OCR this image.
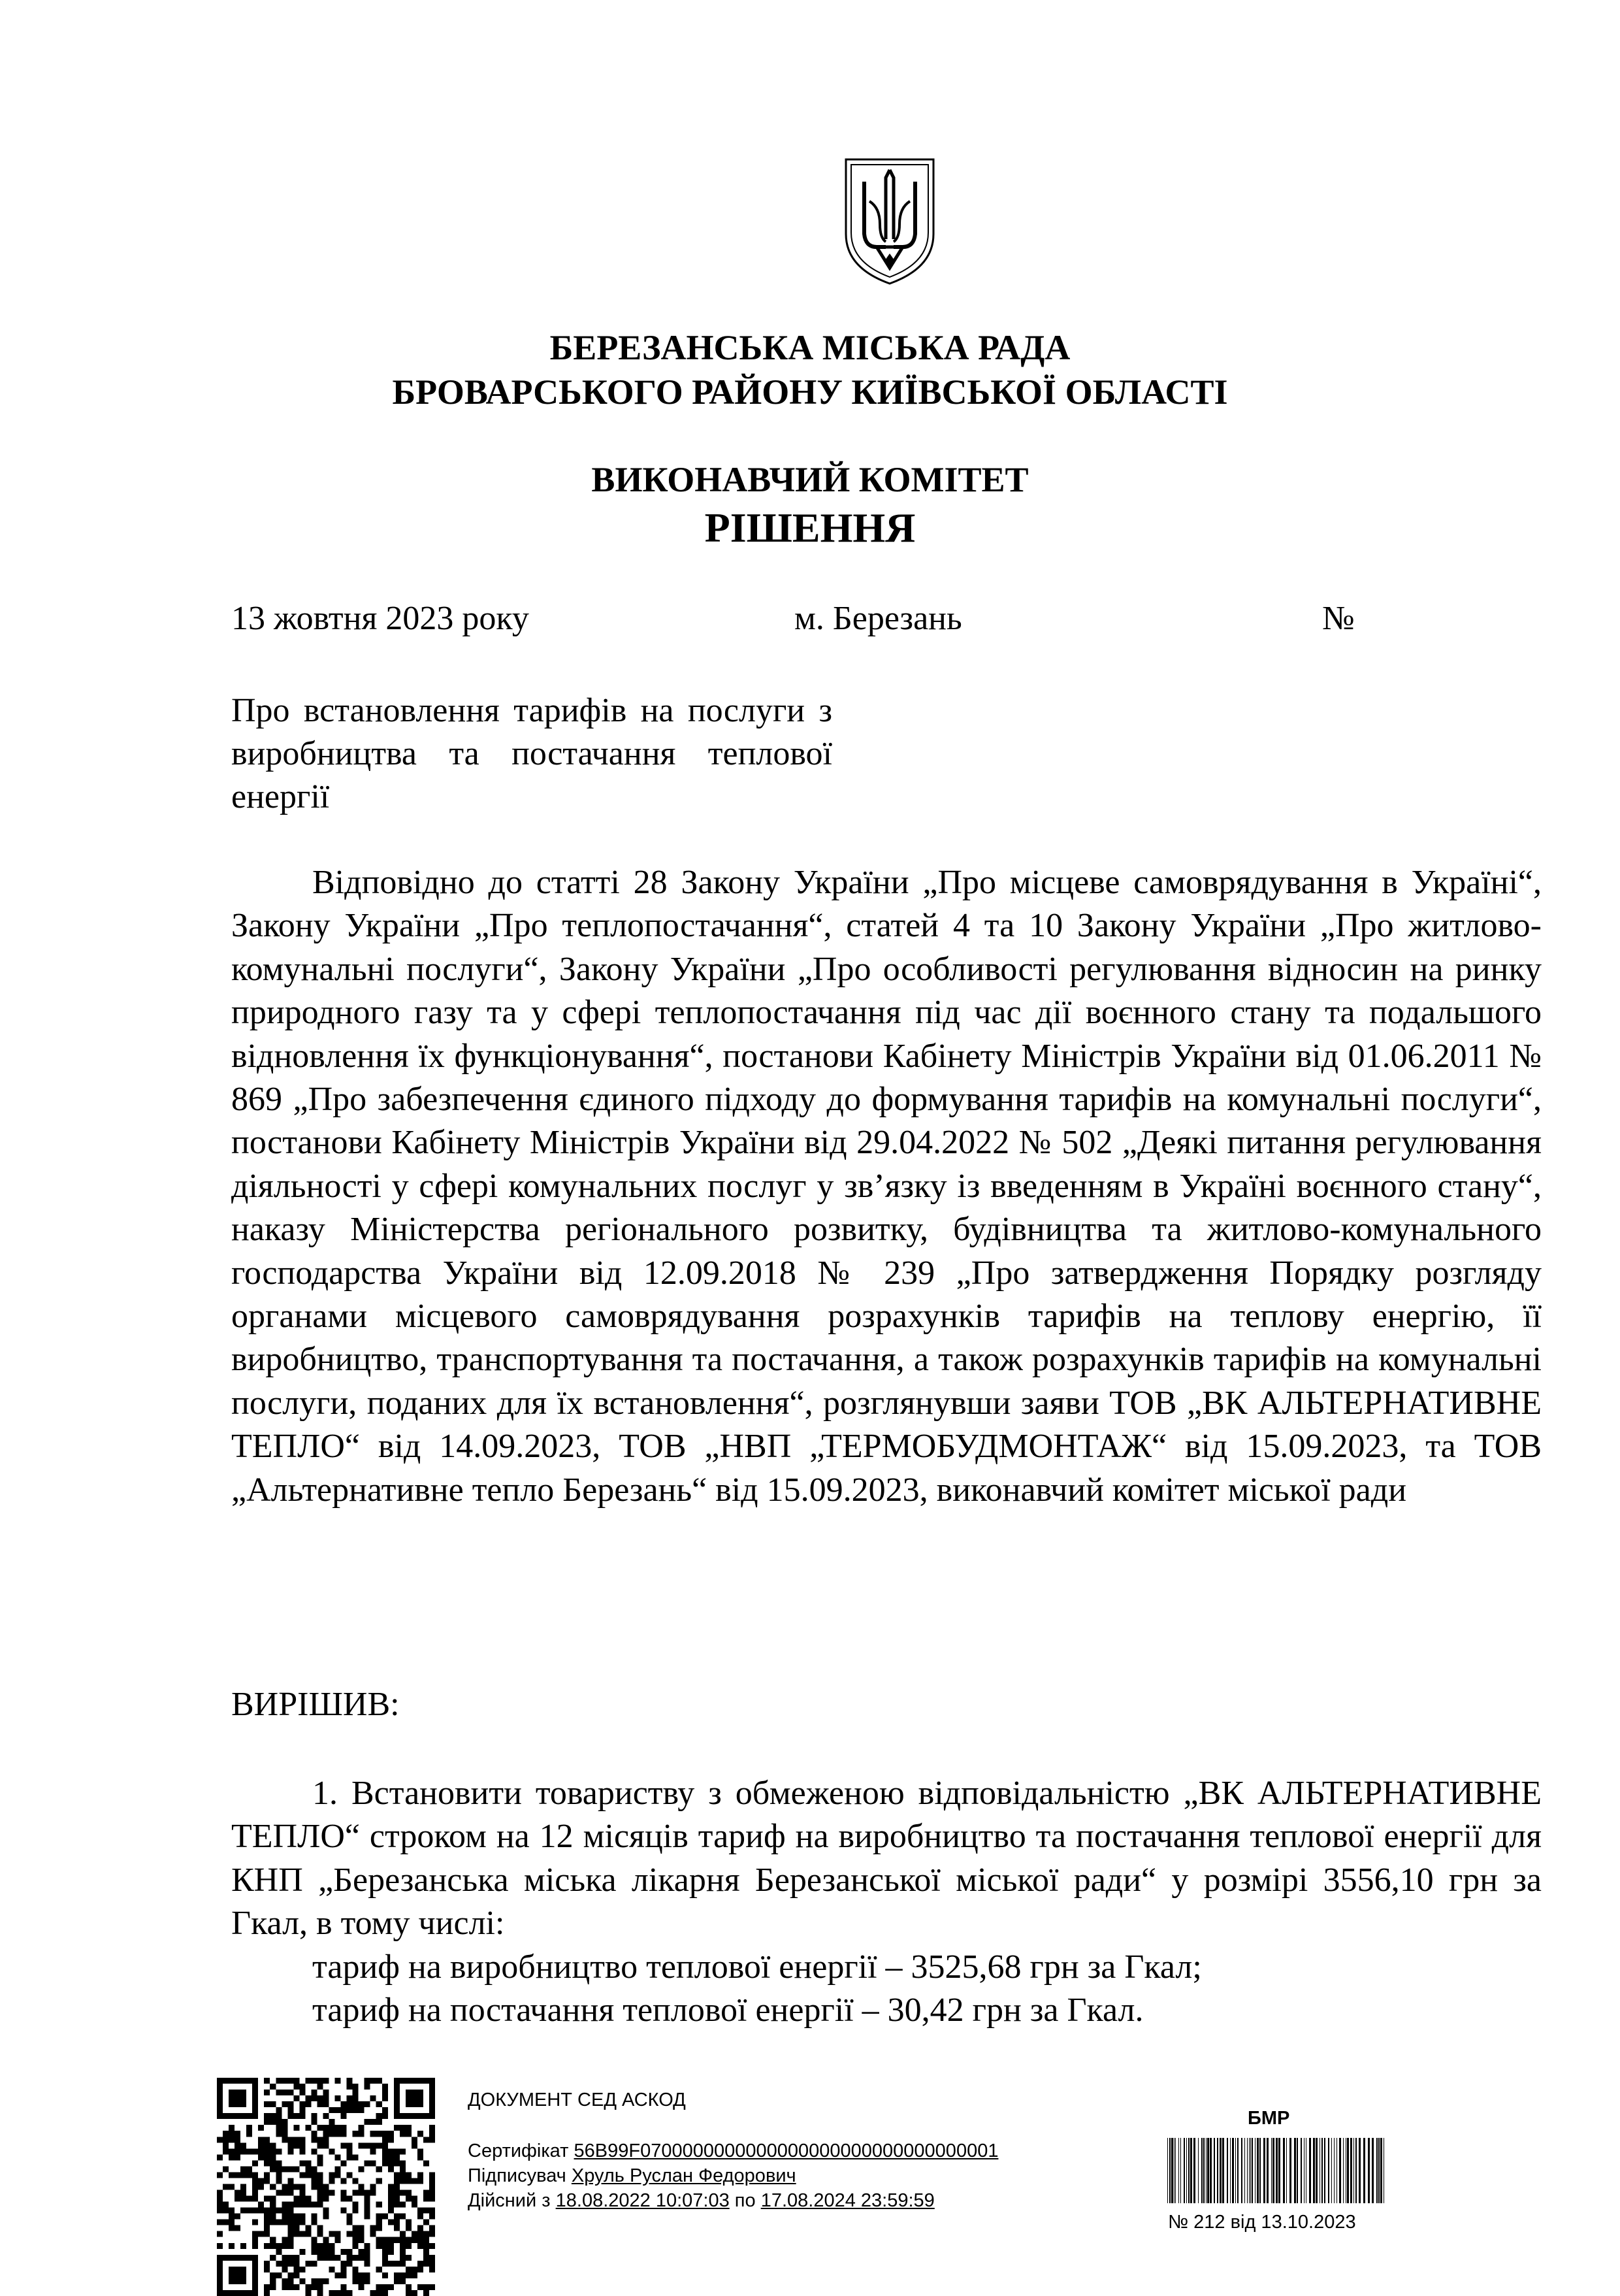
БЕРЕЗАНСЬКА МІСЬКА РАДА
БРОВАРСЬКОГО РАЙОНУ КИЇВСЬКОЇ ОБЛАСТІ
ВИКОНАВЧИЙ КОМІТЕТ
РІШЕННЯ
13 жовтня 2023 року	м. Березань	№
Про встановлення тарифів на послуги з виробництва та постачання теплової енергії
Відповідно до статті 28 Закону України „Про місцеве самоврядування в Україні“, Закону України „Про теплопостачання“, статей 4 та 10 Закону України „Про житлово-комунальні послуги“, Закону України „Про особливості регулювання відносин на ринку природного газу та у сфері теплопостачання під час дії воєнного стану та подальшого відновлення їх функціонування“, постанови Кабінету Міністрів України від 01.06.2011 № 869 „Про забезпечення єдиного підходу до формування тарифів на комунальні послуги“, постанови Кабінету Міністрів України від 29.04.2022 № 502 „Деякі питання регулювання діяльності у сфері комунальних послуг у зв’язку із введенням в Україні воєнного стану“, наказу Міністерства регіонального розвитку, будівництва та житлово-комунального господарства України від 12.09.2018 № 239 „Про затвердження Порядку розгляду органами місцевого самоврядування розрахунків тарифів на теплову енергію, її виробництво, транспортування та постачання, а також розрахунків тарифів на комунальні послуги, поданих для їх встановлення“, розглянувши заяви ТОВ „ВК АЛЬТЕРНАТИВНЕ ТЕПЛО“ від 14.09.2023, ТОВ „НВП „ТЕРМОБУДМОНТАЖ“ від 15.09.2023, та ТОВ „Альтернативне тепло Березань“ від 15.09.2023, виконавчий комітет міської ради
ВИРІШИВ:
1. Встановити товариству з обмеженою відповідальністю „ВК АЛЬТЕРНАТИВНЕ ТЕПЛО“ строком на 12 місяців тариф на виробництво та постачання теплової енергії для КНП „Березанська міська лікарня Березанської міської ради“ у розмірі 3556,10 грн за Гкал, в тому числі:
тариф на виробництво теплової енергії – 3525,68 грн за Гкал;
тариф на постачання теплової енергії – 30,42 грн за Гкал.
ДОКУМЕНТ СЕД АСКОД
Сертифікат 56B99F0700000000000000000000000000000001
Підписувач Хруль Руслан Федорович
Дійсний з 18.08.2022 10:07:03 по 17.08.2024 23:59:59
БМР
№ 212 від 13.10.2023
